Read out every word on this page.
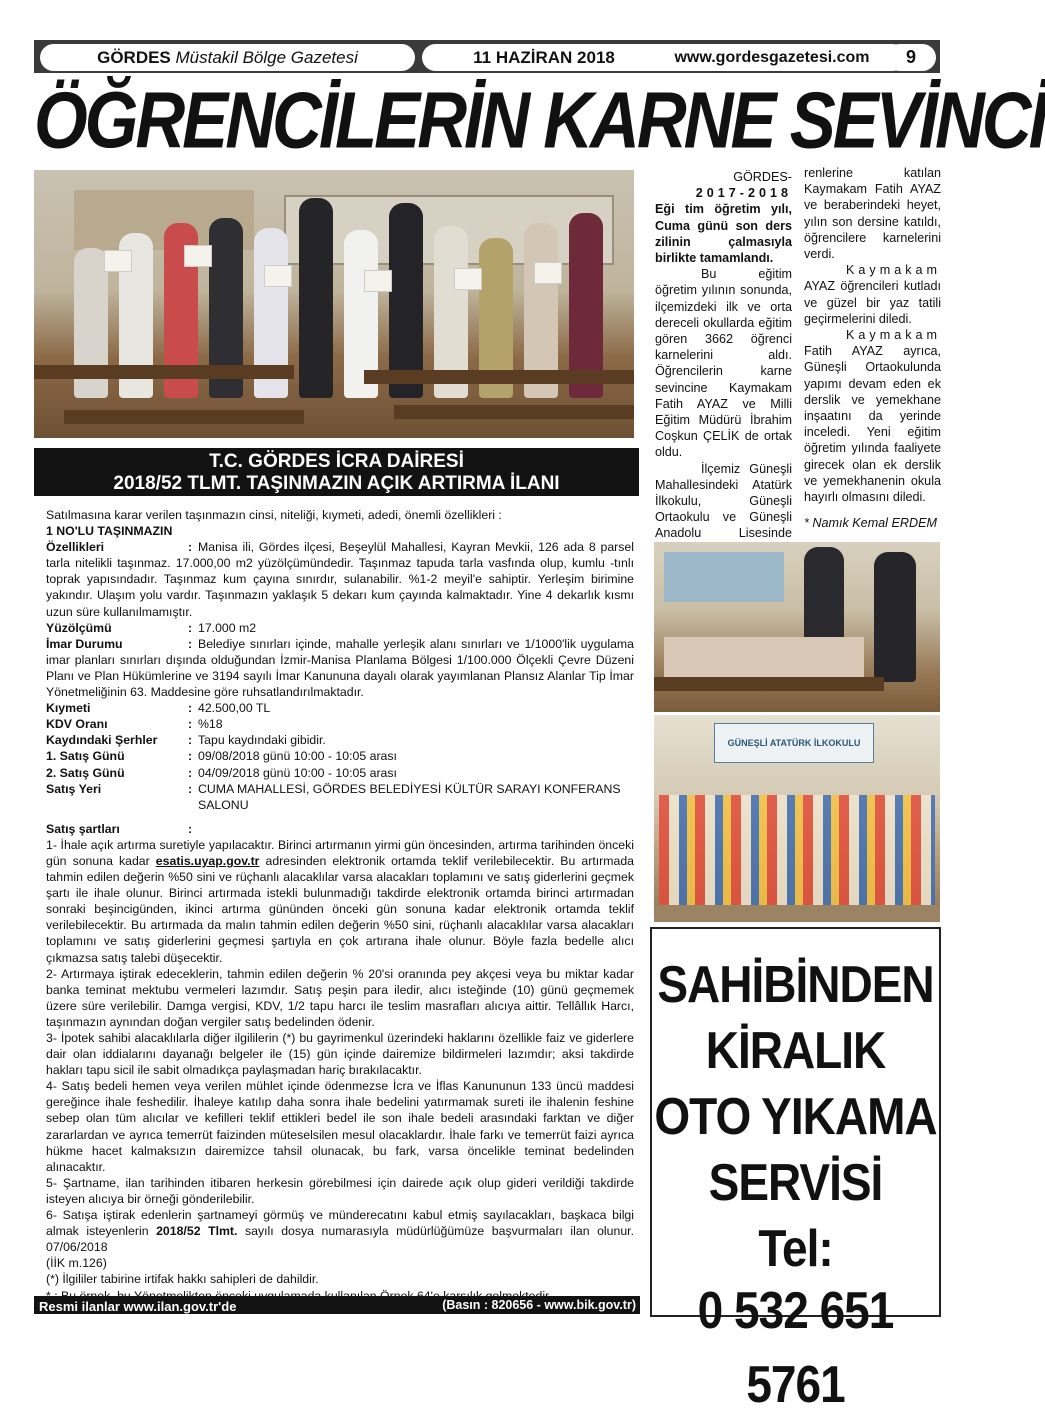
GÖRDES
Müstakil Bölge Gazetesi	11 HAZİRAN 2018	www.gordesgazetesi.com	9
ÖĞRENCİLERİN KARNE SEVİNCİ

GÖRDES-

2017-2018

Eği tim öğretim yılı, Cuma günü son ders zilinin çalmasıyla birlikte tamamlandı.

Bu eğitim öğretim yılının sonunda, ilçemizdeki ilk ve orta dereceli okullarda eğitim gören 3662 öğrenci karnelerini aldı. Öğrencilerin karne sevincine Kaymakam Fatih AYAZ ve Milli Eğitim Müdürü İbrahim Coşkun ÇELİK de ortak oldu.

İlçemiz Güneşli Mahallesindeki Atatürk İlkokulu, Güneşli Ortaokulu ve Güneşli Anadolu Lisesinde

renlerine katılan Kaymakam Fatih AYAZ ve beraberindeki heyet, yılın son dersine katıldı, öğrencilere karnelerini verdi.

Kaymakam

AYAZ öğrencileri kutladı ve güzel bir yaz tatili geçirmelerini diledi.

Kaymakam

Fatih AYAZ ayrıca, Güneşli Ortaokulunda yapımı devam eden ek derslik ve yemekhane inşaatını da yerinde inceledi. Yeni eğitim öğretim yılında faaliyete girecek olan ek derslik ve yemekhanenin okula hayırlı olmasını diledi.

* Namık Kemal ERDEM

GÜNEŞLİ ATATÜRK İLKOKULU
T.C. GÖRDES İCRA DAİRESİ
2018/52 TLMT. TAŞINMAZIN AÇIK ARTIRMA İLANI

Satılmasına karar verilen taşınmazın cinsi, niteliği, kıymeti, adedi, önemli özellikleri :

1 NO'LU TAŞINMAZIN

Özellikleri	: Manisa ili, Gördes ilçesi, Beşeylül Mahallesi, Kayran Mevkii, 126 ada 8 parsel tarla nitelikli taşınmaz. 17.000,00 m2 yüzölçümündedir. Taşınmaz tapuda tarla vasfında olup, kumlu -tınlı toprak yapısındadır. Taşınmaz kum çayına sınırdır, sulanabilir. %1-2 meyil'e sahiptir. Yerleşim birimine yakındır. Ulaşım yolu vardır. Taşınmazın yaklaşık 5 dekarı kum çayında kalmaktadır. Yine 4 dekarlık kısmı uzun süre kullanılmamıştır.

Yüzölçümü	: 17.000 m2
İmar Durumu	: Belediye sınırları içinde, mahalle yerleşik alanı sınırları ve 1/1000'lik uygulama imar planları sınırları dışında olduğundan İzmir-Manisa Planlama Bölgesi 1/100.000 Ölçekli Çevre Düzeni Planı ve Plan Hükümlerine ve 3194 sayılı İmar Kanununa dayalı olarak yayımlanan Plansız Alanlar Tip İmar Yönetmeliğinin 63. Maddesine göre ruhsatlandırılmaktadır.

Kıymeti	: 42.500,00 TL
KDV Oranı	: %18
Kaydındaki Şerhler	: Tapu kaydındaki gibidir.
1. Satış Günü	: 09/08/2018 günü 10:00 - 10:05 arası
2. Satış Günü	: 04/09/2018 günü 10:00 - 10:05 arası
Satış Yeri	: CUMA MAHALLESİ, GÖRDES BELEDİYESİ KÜLTÜR SARAYI KONFERANS SALONU
Satış şartları	:

1- İhale açık artırma suretiyle yapılacaktır. Birinci artırmanın yirmi gün öncesinden, artırma tarihinden önceki gün sonuna kadar esatis.uyap.gov.tr adresinden elektronik ortamda teklif verilebilecektir. Bu artırmada tahmin edilen değerin %50 sini ve rüçhanlı alacaklılar varsa alacakları toplamını ve satış giderlerini geçmek şartı ile ihale olunur. Birinci artırmada istekli bulunmadığı takdirde elektronik ortamda birinci artırmadan sonraki beşincigünden, ikinci artırma gününden önceki gün sonuna kadar elektronik ortamda teklif verilebilecektir. Bu artırmada da malın tahmin edilen değerin %50 sini, rüçhanlı alacaklılar varsa alacakları toplamını ve satış giderlerini geçmesi şartıyla en çok artırana ihale olunur. Böyle fazla bedelle alıcı çıkmazsa satış talebi düşecektir.

2- Artırmaya iştirak edeceklerin, tahmin edilen değerin % 20'si oranında pey akçesi veya bu miktar kadar banka teminat mektubu vermeleri lazımdır. Satış peşin para iledir, alıcı isteğinde (10) günü geçmemek üzere süre verilebilir. Damga vergisi, KDV, 1/2 tapu harcı ile teslim masrafları alıcıya aittir. Tellâllık Harcı, taşınmazın aynından doğan vergiler satış bedelinden ödenir.

3- İpotek sahibi alacaklılarla diğer ilgililerin (*) bu gayrimenkul üzerindeki haklarını özellikle faiz ve giderlere dair olan iddialarını dayanağı belgeler ile (15) gün içinde dairemize bildirmeleri lazımdır; aksi takdirde hakları tapu sicil ile sabit olmadıkça paylaşmadan hariç bırakılacaktır.

4- Satış bedeli hemen veya verilen mühlet içinde ödenmezse İcra ve İflas Kanununun 133 üncü maddesi gereğince ihale feshedilir. İhaleye katılıp daha sonra ihale bedelini yatırmamak sureti ile ihalenin feshine sebep olan tüm alıcılar ve kefilleri teklif ettikleri bedel ile son ihale bedeli arasındaki farktan ve diğer zararlardan ve ayrıca temerrüt faizinden müteselsilen mesul olacaklardır. İhale farkı ve temerrüt faizi ayrıca hükme hacet kalmaksızın dairemizce tahsil olunacak, bu fark, varsa öncelikle teminat bedelinden alınacaktır.

5- Şartname, ilan tarihinden itibaren herkesin görebilmesi için dairede açık olup gideri verildiği takdirde isteyen alıcıya bir örneği gönderilebilir.

6- Satışa iştirak edenlerin şartnameyi görmüş ve münderecatını kabul etmiş sayılacakları, başkaca bilgi almak isteyenlerin 2018/52 Tlmt. sayılı dosya numarasıyla müdürlüğümüze başvurmaları ilan olunur. 07/06/2018

(İİK m.126)

(*) İlgililer tabirine irtifak hakkı sahipleri de dahildir.

Resmi ilanlar www.ilan.gov.tr'de	(Basın : 820656 - www.bik.gov.tr)
SAHİBİNDEN
KİRALIK
OTO YIKAMA
SERVİSİ
Tel:
0 532 651 5761
